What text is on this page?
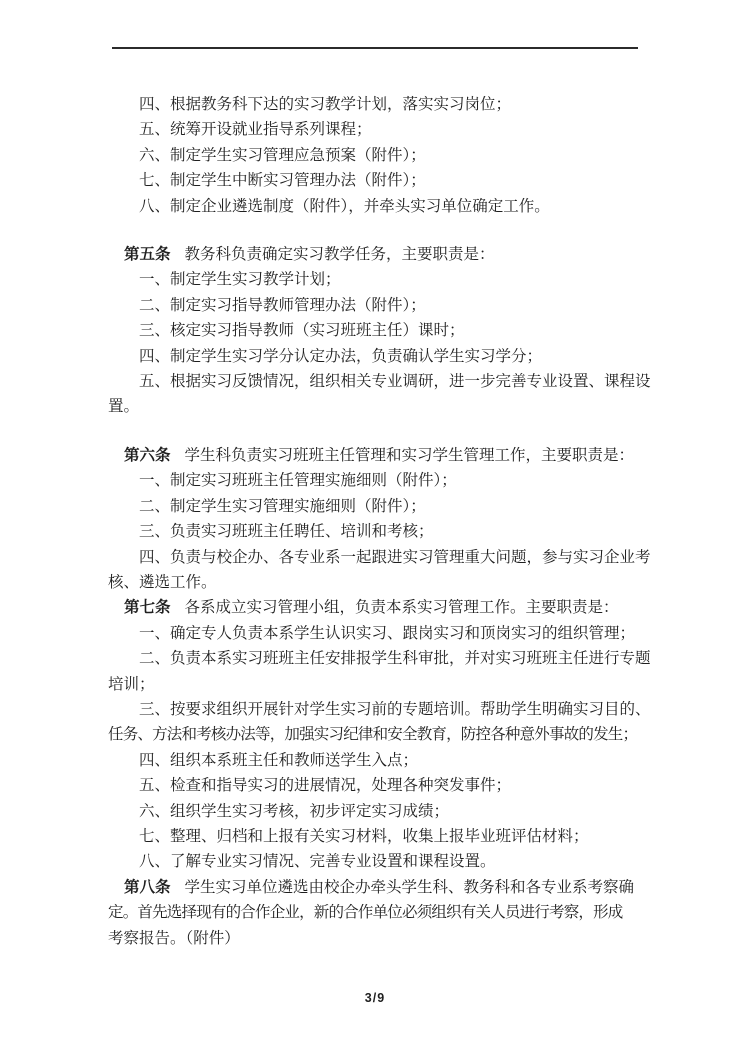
四、根据教务科下达的实习教学计划，落实实习岗位；
五、统筹开设就业指导系列课程；
六、制定学生实习管理应急预案（附件）；
七、制定学生中断实习管理办法（附件）；
八、制定企业遴选制度（附件），并牵头实习单位确定工作。
第五条 教务科负责确定实习教学任务，主要职责是：
一、制定学生实习教学计划；
二、制定实习指导教师管理办法（附件）；
三、核定实习指导教师（实习班班主任）课时；
四、制定学生实习学分认定办法，负责确认学生实习学分；
五、根据实习反馈情况，组织相关专业调研，进一步完善专业设置、课程设
置。
第六条 学生科负责实习班班主任管理和实习学生管理工作，主要职责是：
一、制定实习班班主任管理实施细则（附件）；
二、制定学生实习管理实施细则（附件）；
三、负责实习班班主任聘任、培训和考核；
四、负责与校企办、各专业系一起跟进实习管理重大问题，参与实习企业考
核、遴选工作。
第七条 各系成立实习管理小组，负责本系实习管理工作。主要职责是：
一、确定专人负责本系学生认识实习、跟岗实习和顶岗实习的组织管理；
二、负责本系实习班班主任安排报学生科审批，并对实习班班主任进行专题
培训；
三、按要求组织开展针对学生实习前的专题培训。帮助学生明确实习目的、
任务、方法和考核办法等，加强实习纪律和安全教育，防控各种意外事故的发生；
四、组织本系班主任和教师送学生入点；
五、检查和指导实习的进展情况，处理各种突发事件；
六、组织学生实习考核，初步评定实习成绩；
七、整理、归档和上报有关实习材料，收集上报毕业班评估材料；
八、了解专业实习情况、完善专业设置和课程设置。
第八条 学生实习单位遴选由校企办牵头学生科、教务科和各专业系考察确
定。首先选择现有的合作企业，新的合作单位必须组织有关人员进行考察，形成
考察报告。（附件）
3/9
